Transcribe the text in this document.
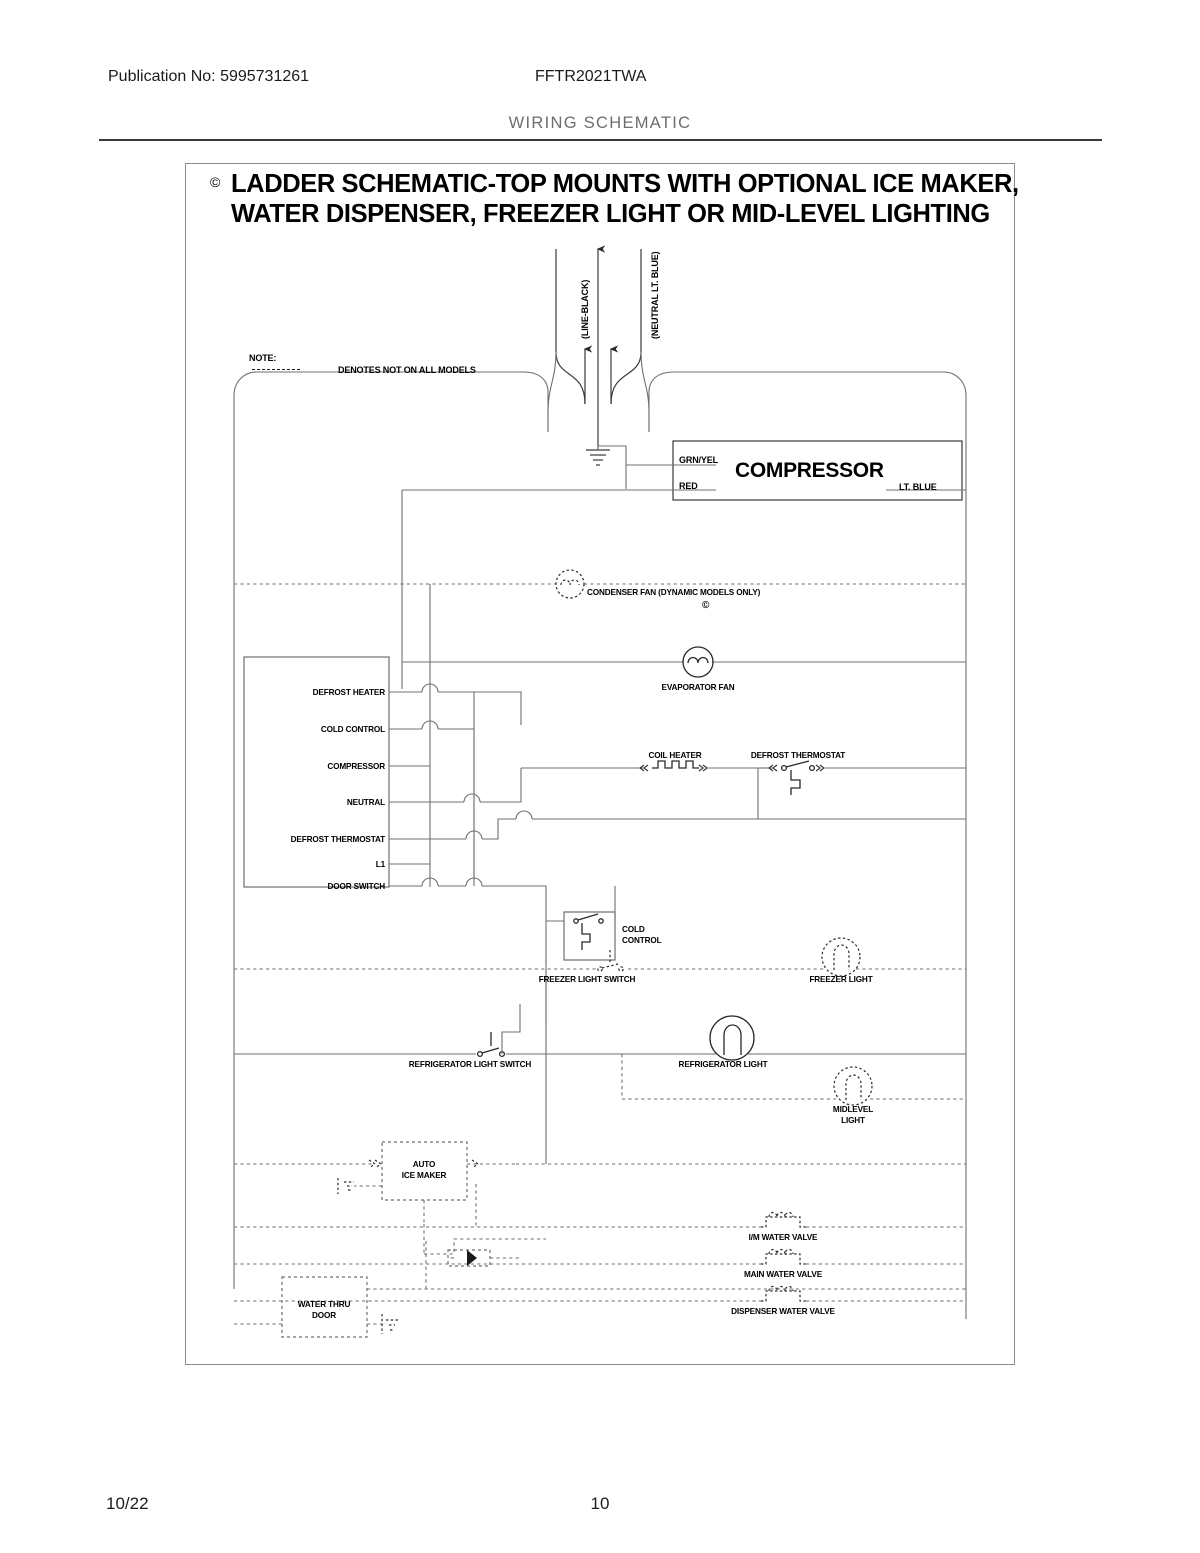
Publication No: 5995731261	FFTR2021TWA
WIRING SCHEMATIC
© LADDER SCHEMATIC-TOP MOUNTS WITH OPTIONAL ICE MAKER,
WATER DISPENSER, FREEZER LIGHT OR MID-LEVEL LIGHTING
NOTE:
DENOTES NOT ON ALL MODELS
(LINE-BLACK)	(NEUTRAL LT. BLUE)
GRN/YEL
RED
COMPRESSOR
LT. BLUE
CONDENSER FAN (DYNAMIC MODELS ONLY)
©
EVAPORATOR FAN
DEFROST HEATER
COLD CONTROL
COMPRESSOR
NEUTRAL
DEFROST THERMOSTAT
L1
DOOR SWITCH
COIL HEATER	DEFROST THERMOSTAT
COLD
CONTROL
FREEZER LIGHT SWITCH	FREEZER LIGHT
REFRIGERATOR LIGHT SWITCH	REFRIGERATOR LIGHT
MIDLEVEL
LIGHT
AUTO
ICE MAKER
I/M WATER VALVE
MAIN WATER VALVE
DISPENSER WATER VALVE
WATER THRU
DOOR
10/22	10
